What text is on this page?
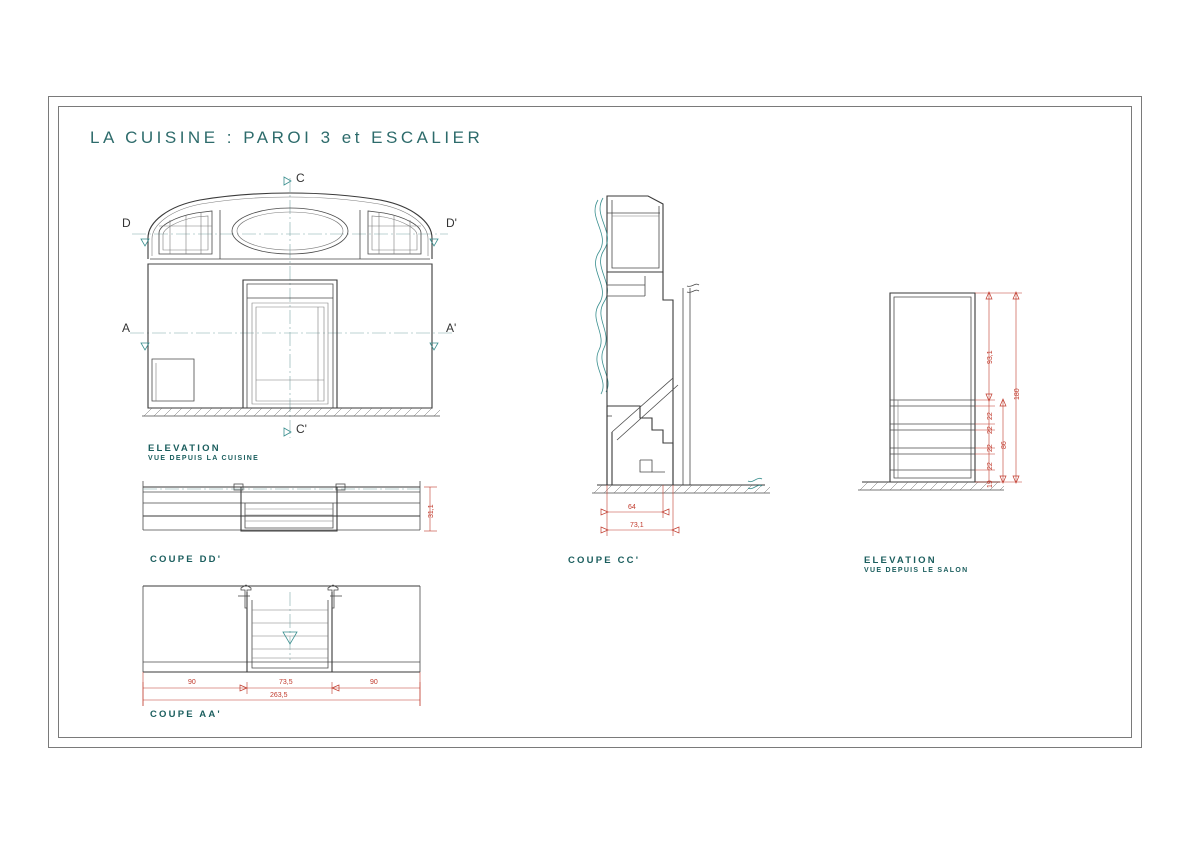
LA CUISINE : PAROI 3 et ESCALIER
C
C'
D	D'
A	A'
ELEVATION
VUE DEPUIS LA CUISINE
COUPE DD'
COUPE AA'
COUPE CC'	ELEVATION
VUE DEPUIS LE SALON
31,1
90	73,5	90
263,5
64
73,1
93,1
180
86
22
22
22
22
19
